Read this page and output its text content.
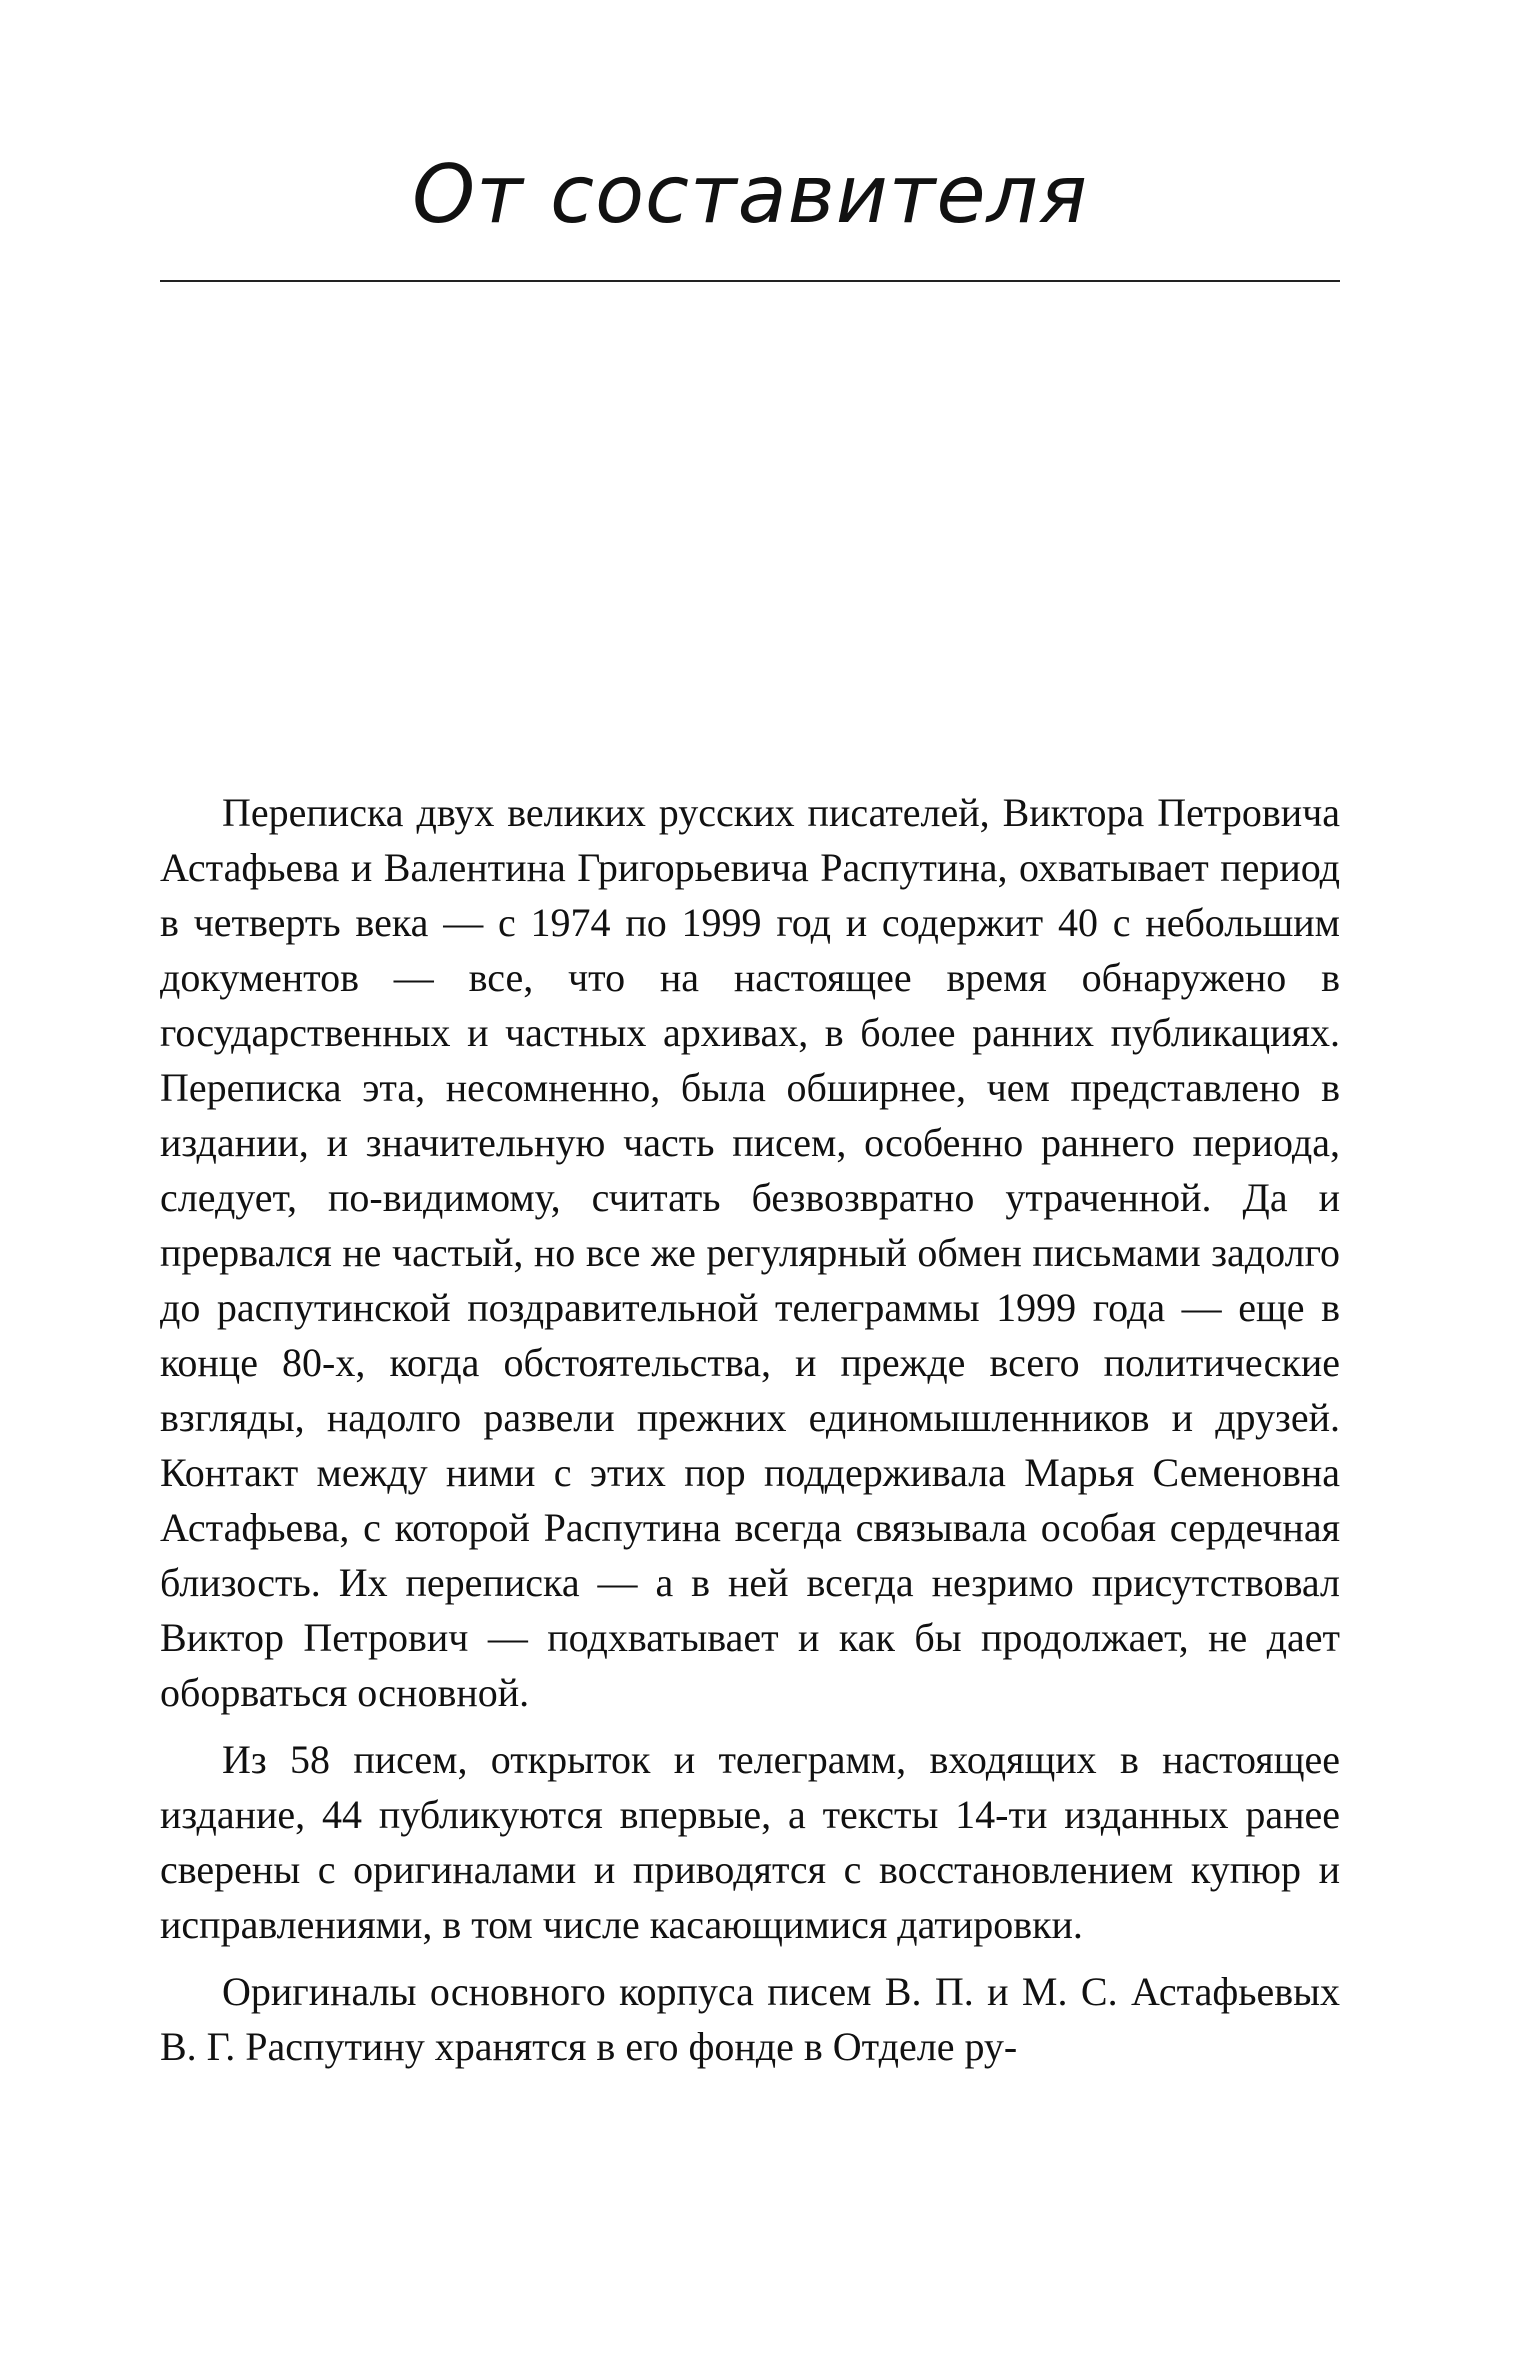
От составителя

Переписка двух великих русских писателей, Виктора Петровича Астафьева и Валентина Григорьевича Распутина, охватывает период в четверть века — с 1974 по 1999 год и содержит 40 с небольшим документов — все, что на настоящее время обнаружено в государственных и частных архивах, в более ранних публикациях. Переписка эта, несомненно, была обширнее, чем представлено в издании, и значительную часть писем, особенно раннего периода, следует, по-видимому, считать безвозвратно утраченной. Да и прервался не частый, но все же регулярный обмен письмами задолго до распутинской поздравительной телеграммы 1999 года — еще в конце 80-х, когда обстоятельства, и прежде всего политические взгляды, надолго развели прежних единомышленников и друзей. Контакт между ними с этих пор поддерживала Марья Семеновна Астафьева, с которой Распутина всегда связывала особая сердечная близость. Их переписка — а в ней всегда незримо присутствовал Виктор Петрович — подхватывает и как бы продолжает, не дает оборваться основной.

Из 58 писем, открыток и телеграмм, входящих в настоящее издание, 44 публикуются впервые, а тексты 14-ти изданных ранее сверены с оригиналами и приводятся с восстановлением купюр и исправлениями, в том числе касающимися датировки.

Оригиналы основного корпуса писем В. П. и М. С. Астафьевых В. Г. Распутину хранятся в его фонде в Отделе ру-
